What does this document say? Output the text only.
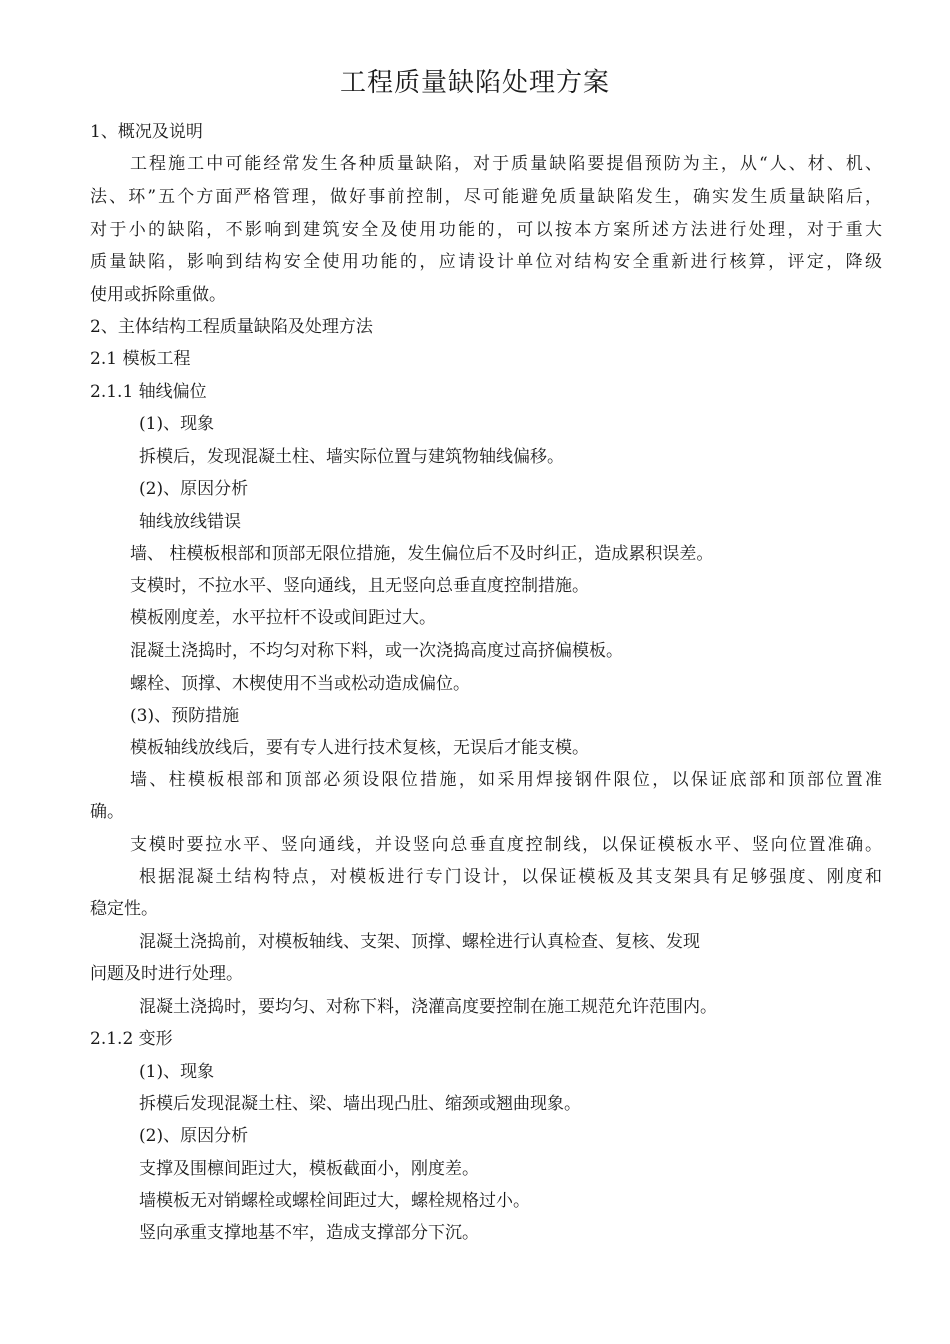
工程质量缺陷处理方案
1、概况及说明
工程施工中可能经常发生各种质量缺陷，对于质量缺陷要提倡预防为主，从“人、材、机、
法、环”五个方面严格管理，做好事前控制，尽可能避免质量缺陷发生，确实发生质量缺陷后，
对于小的缺陷，不影响到建筑安全及使用功能的，可以按本方案所述方法进行处理，对于重大
质量缺陷，影响到结构安全使用功能的，应请设计单位对结构安全重新进行核算，评定，降级
使用或拆除重做。
2、主体结构工程质量缺陷及处理方法
2.1 模板工程
2.1.1 轴线偏位
(1)、现象
拆模后，发现混凝土柱、墙实际位置与建筑物轴线偏移。
(2)、原因分析
轴线放线错误
墙、 柱模板根部和顶部无限位措施，发生偏位后不及时纠正，造成累积误差。
支模时，不拉水平、竖向通线，且无竖向总垂直度控制措施。
模板刚度差，水平拉杆不设或间距过大。
混凝土浇捣时，不均匀对称下料，或一次浇捣高度过高挤偏模板。
螺栓、顶撑、木楔使用不当或松动造成偏位。
(3)、预防措施
模板轴线放线后，要有专人进行技术复核，无误后才能支模。
墙、柱模板根部和顶部必须设限位措施，如采用焊接钢件限位，以保证底部和顶部位置准
确。
支模时要拉水平、竖向通线，并设竖向总垂直度控制线，以保证模板水平、竖向位置准确。
根据混凝土结构特点，对模板进行专门设计，以保证模板及其支架具有足够强度、刚度和
稳定性。
混凝土浇捣前，对模板轴线、支架、顶撑、螺栓进行认真检查、复核、发现
问题及时进行处理。
混凝土浇捣时，要均匀、对称下料，浇灌高度要控制在施工规范允许范围内。
2.1.2 变形
(1)、现象
拆模后发现混凝土柱、梁、墙出现凸肚、缩颈或翘曲现象。
(2)、原因分析
支撑及围檩间距过大，模板截面小，刚度差。
墙模板无对销螺栓或螺栓间距过大，螺栓规格过小。
竖向承重支撑地基不牢，造成支撑部分下沉。
